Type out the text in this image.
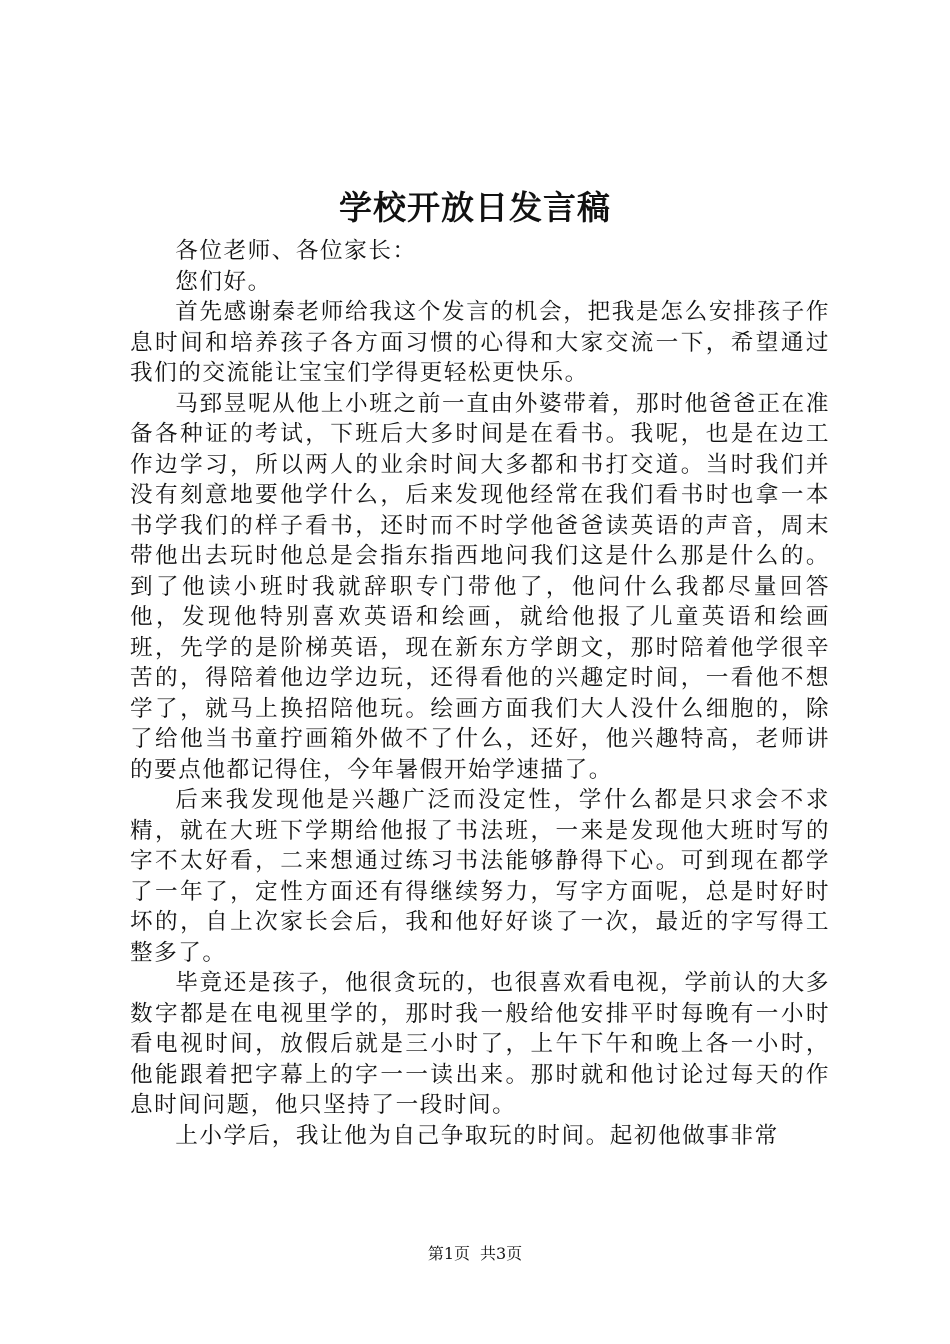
学校开放日发言稿

各位老师、各位家长：

您们好。

首先感谢秦老师给我这个发言的机会，把我是怎么安排孩子作息时间和培养孩子各方面习惯的心得和大家交流一下，希望通过我们的交流能让宝宝们学得更轻松更快乐。

马郅昱呢从他上小班之前一直由外婆带着，那时他爸爸正在准备各种证的考试，下班后大多时间是在看书。我呢，也是在边工作边学习，所以两人的业余时间大多都和书打交道。当时我们并没有刻意地要他学什么，后来发现他经常在我们看书时也拿一本书学我们的样子看书，还时而不时学他爸爸读英语的声音，周末带他出去玩时他总是会指东指西地问我们这是什么那是什么的。到了他读小班时我就辞职专门带他了，他问什么我都尽量回答他，发现他特别喜欢英语和绘画，就给他报了儿童英语和绘画班，先学的是阶梯英语，现在新东方学朗文，那时陪着他学很辛苦的，得陪着他边学边玩，还得看他的兴趣定时间，一看他不想学了，就马上换招陪他玩。绘画方面我们大人没什么细胞的，除了给他当书童拧画箱外做不了什么，还好，他兴趣特高，老师讲的要点他都记得住，今年暑假开始学速描了。

后来我发现他是兴趣广泛而没定性，学什么都是只求会不求精，就在大班下学期给他报了书法班，一来是发现他大班时写的字不太好看，二来想通过练习书法能够静得下心。可到现在都学了一年了，定性方面还有得继续努力，写字方面呢，总是时好时坏的，自上次家长会后，我和他好好谈了一次，最近的字写得工整多了。

毕竟还是孩子，他很贪玩的，也很喜欢看电视，学前认的大多数字都是在电视里学的，那时我一般给他安排平时每晚有一小时看电视时间，放假后就是三小时了，上午下午和晚上各一小时，他能跟着把字幕上的字一一读出来。那时就和他讨论过每天的作息时间问题，他只坚持了一段时间。

上小学后，我让他为自己争取玩的时间。起初他做事非常

第1页 共3页
